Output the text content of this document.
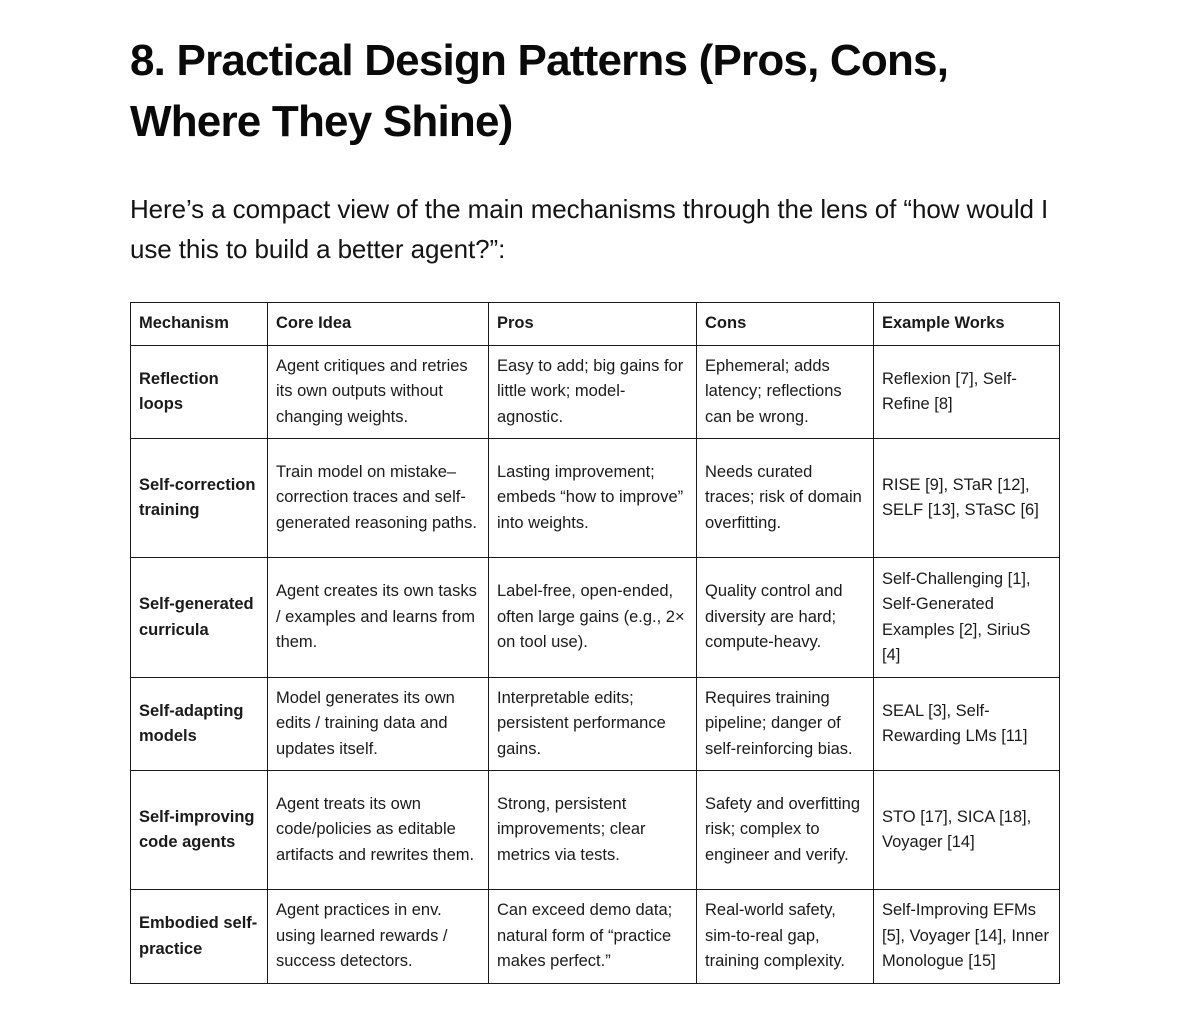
8. Practical Design Patterns (Pros, Cons, Where They Shine)

Here’s a compact view of the main mechanisms through the lens of “how would I use this to build a better agent?”:

Mechanism	Core Idea	Pros	Cons	Example Works
Reflection loops	Agent critiques and retries its own outputs without changing weights.	Easy to add; big gains for little work; model-agnostic.	Ephemeral; adds latency; reflections can be wrong.	Reflexion [7], Self-Refine [8]
Self-correction training	Train model on mistake–correction traces and self-generated reasoning paths.	Lasting improvement; embeds “how to improve” into weights.	Needs curated traces; risk of domain overfitting.	RISE [9], STaR [12], SELF [13], STaSC [6]
Self-generated curricula	Agent creates its own tasks / examples and learns from them.	Label-free, open-ended, often large gains (e.g., 2× on tool use).	Quality control and diversity are hard; compute-heavy.	Self-Challenging [1], Self-Generated Examples [2], SiriuS [4]
Self-adapting models	Model generates its own edits / training data and updates itself.	Interpretable edits; persistent performance gains.	Requires training pipeline; danger of self-reinforcing bias.	SEAL [3], Self-Rewarding LMs [11]
Self-improving code agents	Agent treats its own code/policies as editable artifacts and rewrites them.	Strong, persistent improvements; clear metrics via tests.	Safety and overfitting risk; complex to engineer and verify.	STO [17], SICA [18], Voyager [14]
Embodied self-practice	Agent practices in env. using learned rewards / success detectors.	Can exceed demo data; natural form of “practice makes perfect.”	Real-world safety, sim-to-real gap, training complexity.	Self-Improving EFMs [5], Voyager [14], Inner Monologue [15]
